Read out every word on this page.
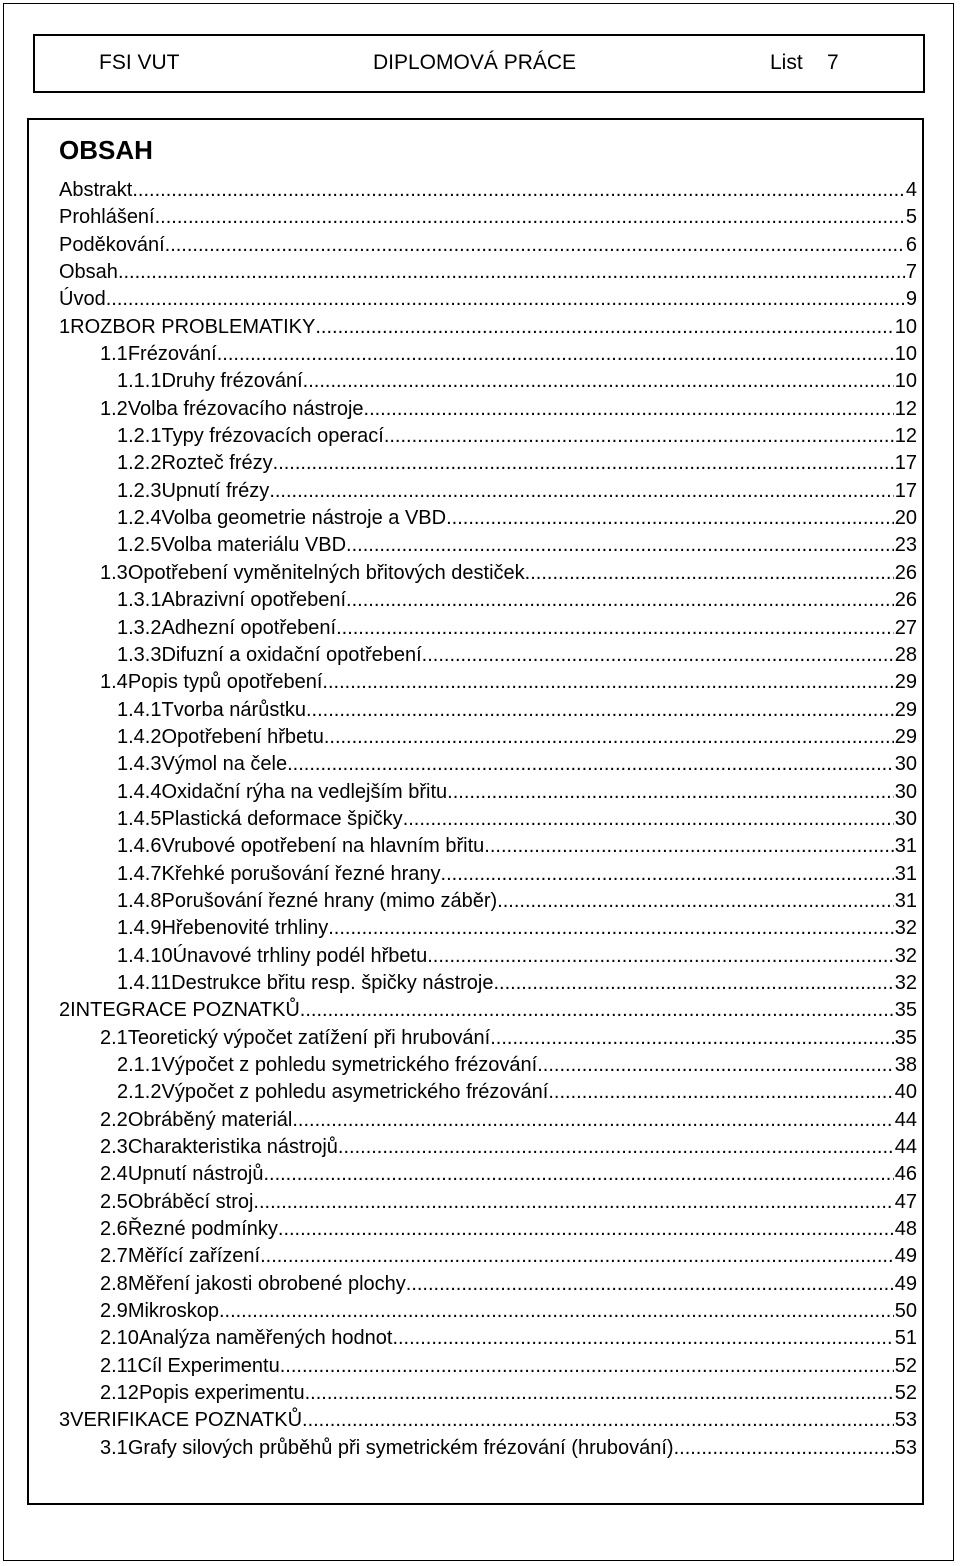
FSI VUT	DIPLOMOVÁ PRÁCE	List 7
OBSAH
Abstrakt .....	4
Prohlášení .....	5
Poděkování .....	6
Obsah .....	7
Úvod .....	9
1 ROZBOR PROBLEMATIKY .....	10
1.1 Frézování .....	10
1.1.1 Druhy frézování .....	10
1.2 Volba frézovacího nástroje .....	12
1.2.1 Typy frézovacích operací .....	12
1.2.2 Rozteč frézy .....	17
1.2.3 Upnutí frézy .....	17
1.2.4 Volba geometrie nástroje a VBD .....	20
1.2.5 Volba materiálu VBD .....	23
1.3 Opotřebení vyměnitelných břitových destiček .....	26
1.3.1 Abrazivní opotřebení .....	26
1.3.2 Adhezní opotřebení .....	27
1.3.3 Difuzní a oxidační opotřebení .....	28
1.4 Popis typů opotřebení .....	29
1.4.1 Tvorba nárůstku .....	29
1.4.2 Opotřebení hřbetu .....	29
1.4.3 Výmol na čele .....	30
1.4.4 Oxidační rýha na vedlejším břitu .....	30
1.4.5 Plastická deformace špičky .....	30
1.4.6 Vrubové opotřebení na hlavním břitu .....	31
1.4.7 Křehké porušování řezné hrany .....	31
1.4.8 Porušování řezné hrany (mimo záběr) .....	31
1.4.9 Hřebenovité trhliny .....	32
1.4.10 Únavové trhliny podél hřbetu .....	32
1.4.11 Destrukce břitu resp. špičky nástroje .....	32
2 INTEGRACE POZNATKŮ .....	35
2.1 Teoretický výpočet zatížení při hrubování .....	35
2.1.1 Výpočet z pohledu symetrického frézování .....	38
2.1.2 Výpočet z pohledu asymetrického frézování .....	40
2.2 Obráběný materiál .....	44
2.3 Charakteristika nástrojů .....	44
2.4 Upnutí nástrojů .....	46
2.5 Obráběcí stroj .....	47
2.6 Řezné podmínky .....	48
2.7 Měřící zařízení .....	49
2.8 Měření jakosti obrobené plochy .....	49
2.9 Mikroskop .....	50
2.10 Analýza naměřených hodnot .....	51
2.11 Cíl Experimentu .....	52
2.12 Popis experimentu .....	52
3 VERIFIKACE POZNATKŮ .....	53
3.1 Grafy silových průběhů při symetrickém frézování (hrubování) .....	53
